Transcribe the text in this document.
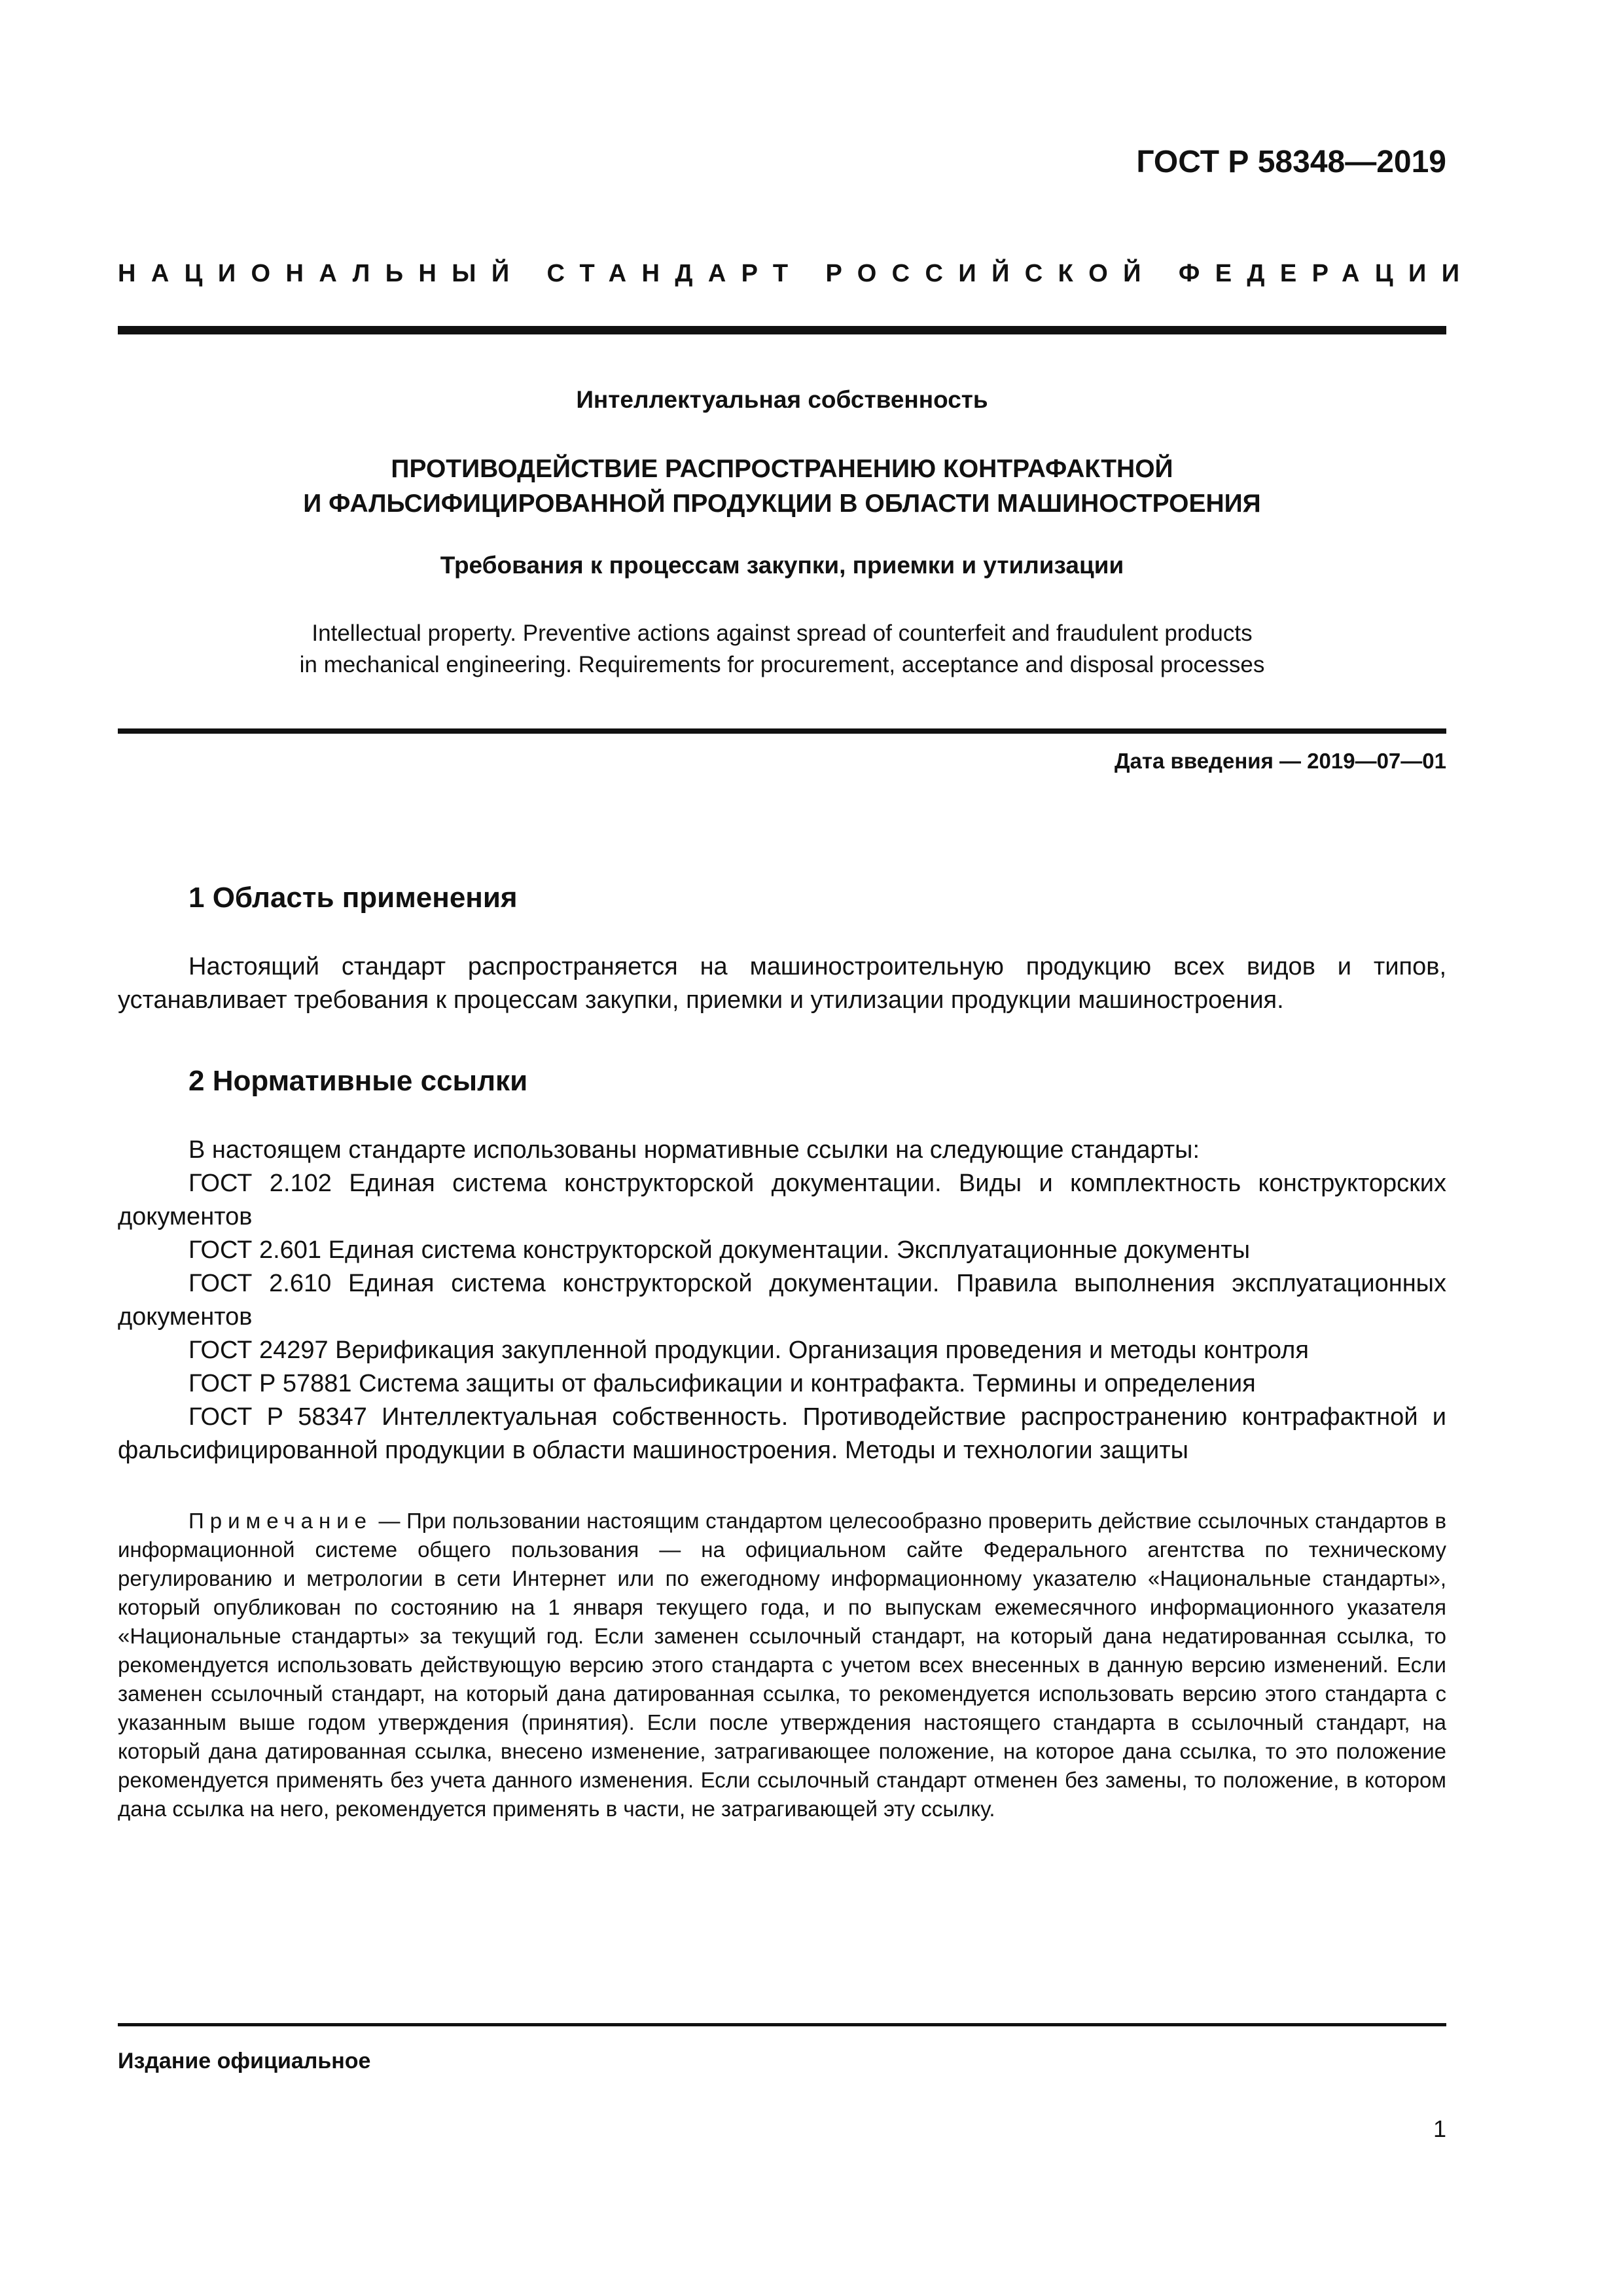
ГОСТ Р 58348—2019
НАЦИОНАЛЬНЫЙ СТАНДАРТ РОССИЙСКОЙ ФЕДЕРАЦИИ
Интеллектуальная собственность
ПРОТИВОДЕЙСТВИЕ РАСПРОСТРАНЕНИЮ КОНТРАФАКТНОЙ
И ФАЛЬСИФИЦИРОВАННОЙ ПРОДУКЦИИ В ОБЛАСТИ МАШИНОСТРОЕНИЯ
Требования к процессам закупки, приемки и утилизации
Intellectual property. Preventive actions against spread of counterfeit and fraudulent products
in mechanical engineering. Requirements for procurement, acceptance and disposal processes
Дата введения — 2019—07—01
1 Область применения

Настоящий стандарт распространяется на машиностроительную продукцию всех видов и типов, устанавливает требования к процессам закупки, приемки и утилизации продукции машиностроения.

2 Нормативные ссылки

В настоящем стандарте использованы нормативные ссылки на следующие стандарты:

ГОСТ 2.102 Единая система конструкторской документации. Виды и комплектность конструкторских документов

ГОСТ 2.601 Единая система конструкторской документации. Эксплуатационные документы

ГОСТ 2.610 Единая система конструкторской документации. Правила выполнения эксплуатационных документов

ГОСТ 24297 Верификация закупленной продукции. Организация проведения и методы контроля

ГОСТ Р 57881 Система защиты от фальсификации и контрафакта. Термины и определения

ГОСТ Р 58347 Интеллектуальная собственность. Противодействие распространению контрафактной и фальсифицированной продукции в области машиностроения. Методы и технологии защиты

Примечание — При пользовании настоящим стандартом целесообразно проверить действие ссылочных стандартов в информационной системе общего пользования — на официальном сайте Федерального агентства по техническому регулированию и метрологии в сети Интернет или по ежегодному информационному указателю «Национальные стандарты», который опубликован по состоянию на 1 января текущего года, и по выпускам ежемесячного информационного указателя «Национальные стандарты» за текущий год. Если заменен ссылочный стандарт, на который дана недатированная ссылка, то рекомендуется использовать действующую версию этого стандарта с учетом всех внесенных в данную версию изменений. Если заменен ссылочный стандарт, на который дана датированная ссылка, то рекомендуется использовать версию этого стандарта с указанным выше годом утверждения (принятия). Если после утверждения настоящего стандарта в ссылочный стандарт, на который дана датированная ссылка, внесено изменение, затрагивающее положение, на которое дана ссылка, то это положение рекомендуется применять без учета данного изменения. Если ссылочный стандарт отменен без замены, то положение, в котором дана ссылка на него, рекомендуется применять в части, не затрагивающей эту ссылку.

Издание официальное
1
